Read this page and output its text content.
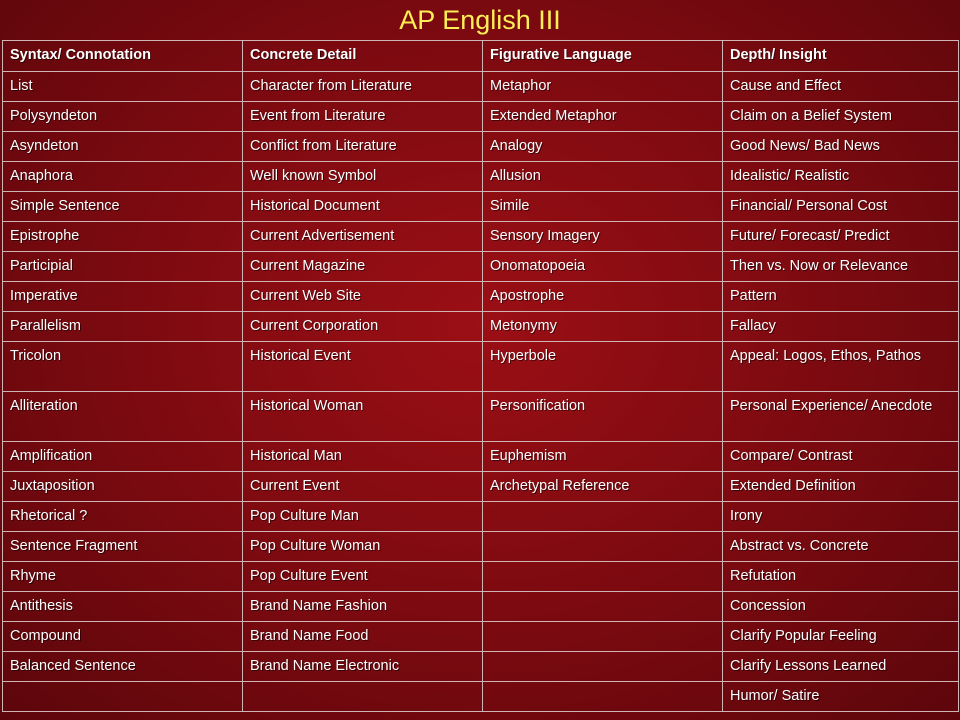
AP English III
Syntax/ Connotation	Concrete Detail	Figurative Language	Depth/ Insight
List	Character from Literature	Metaphor	Cause and Effect
Polysyndeton	Event from Literature	Extended Metaphor	Claim on a Belief System
Asyndeton	Conflict from Literature	Analogy	Good News/ Bad News
Anaphora	Well known Symbol	Allusion	Idealistic/ Realistic
Simple Sentence	Historical Document	Simile	Financial/ Personal Cost
Epistrophe	Current Advertisement	Sensory Imagery	Future/ Forecast/ Predict
Participial	Current Magazine	Onomatopoeia	Then vs. Now or Relevance
Imperative	Current Web Site	Apostrophe	Pattern
Parallelism	Current Corporation	Metonymy	Fallacy
Tricolon	Historical Event	Hyperbole	Appeal: Logos, Ethos, Pathos
Alliteration	Historical Woman	Personification	Personal Experience/ Anecdote
Amplification	Historical Man	Euphemism	Compare/ Contrast
Juxtaposition	Current Event	Archetypal Reference	Extended Definition
Rhetorical ?	Pop Culture Man		Irony
Sentence Fragment	Pop Culture Woman		Abstract vs. Concrete
Rhyme	Pop Culture Event		Refutation
Antithesis	Brand Name Fashion		Concession
Compound	Brand Name Food		Clarify Popular Feeling
Balanced Sentence	Brand Name Electronic		Clarify Lessons Learned
			Humor/ Satire
